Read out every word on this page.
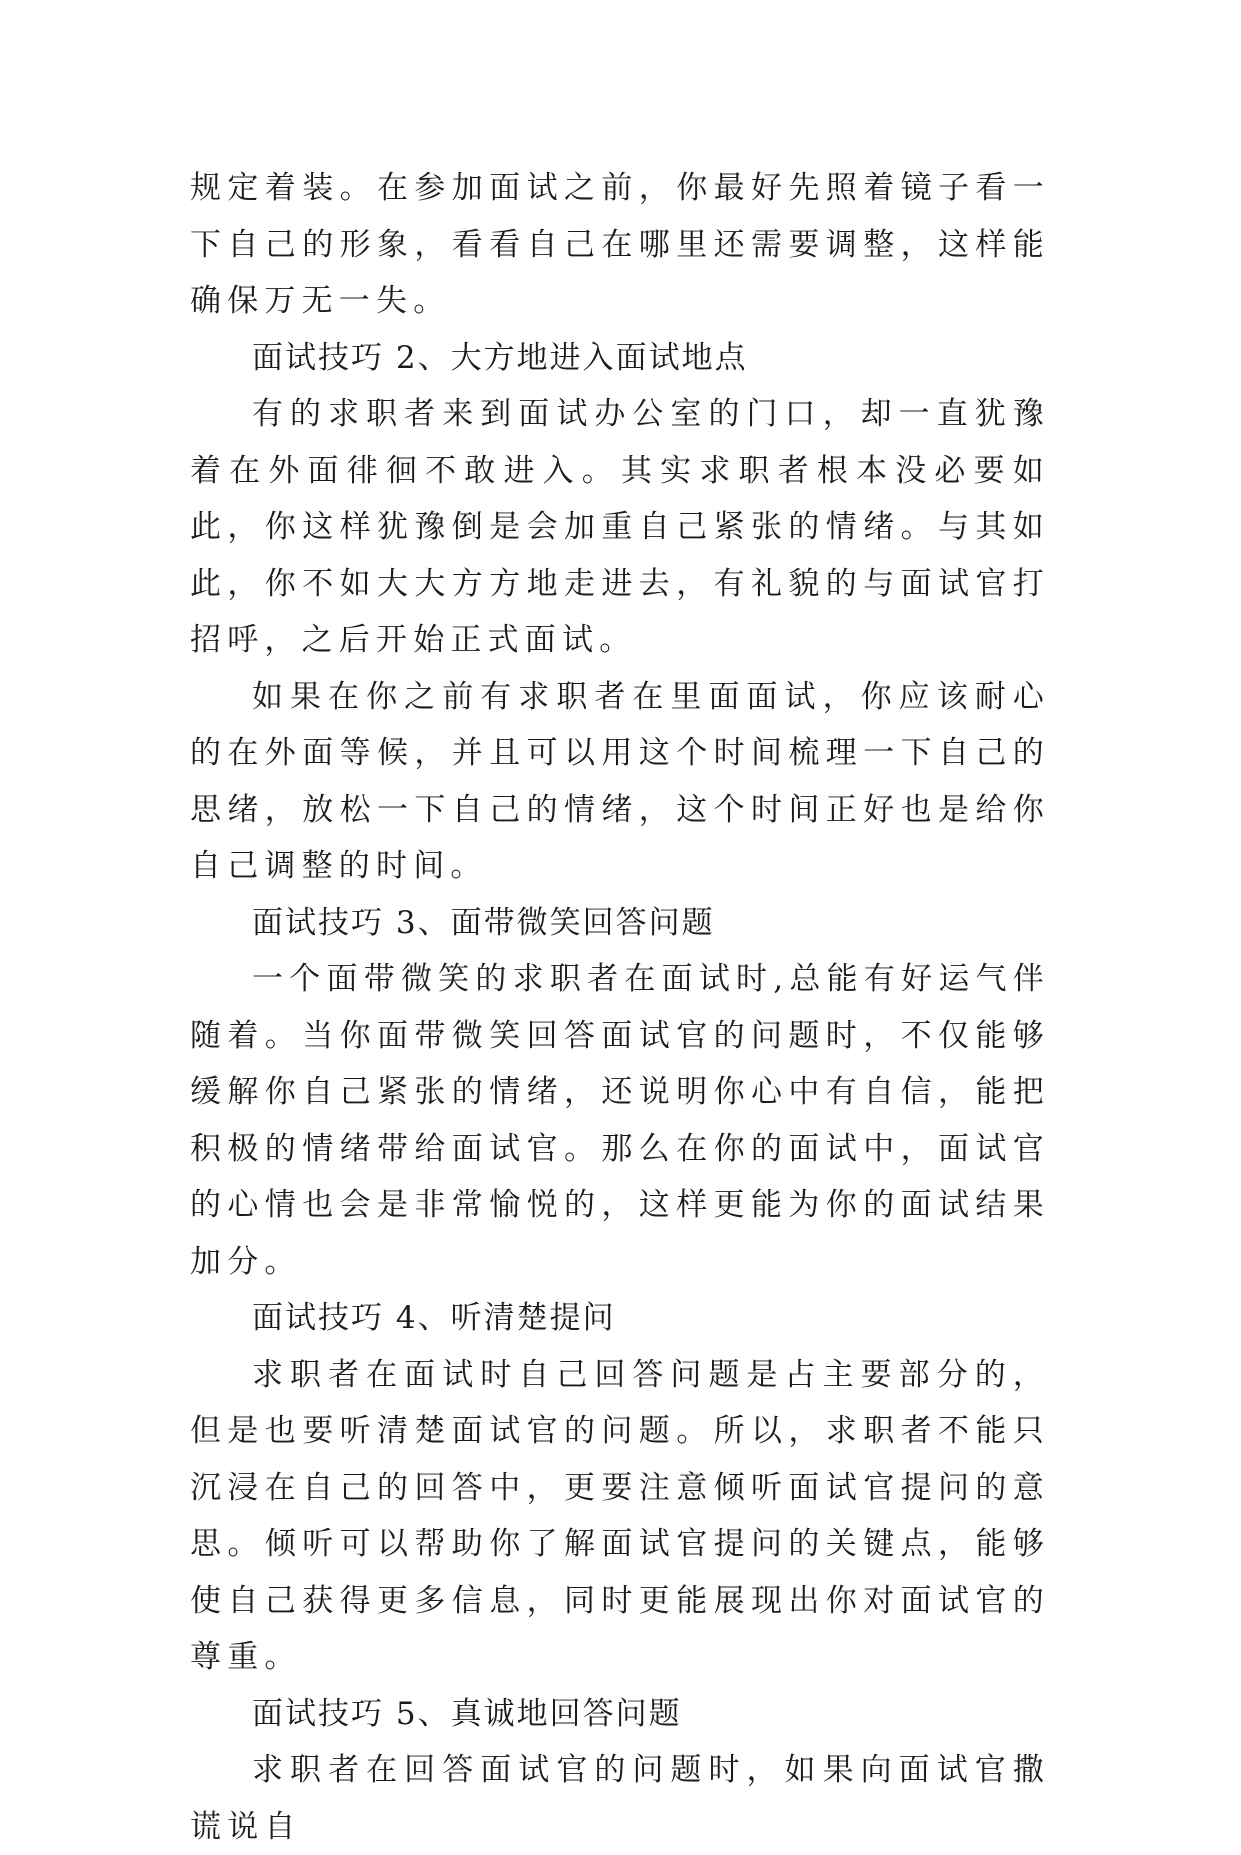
规定着装。在参加面试之前，你最好先照着镜子看一下自己的形象，看看自己在哪里还需要调整，这样能确保万无一失。

面试技巧 2、大方地进入面试地点

有的求职者来到面试办公室的门口，却一直犹豫着在外面徘徊不敢进入。其实求职者根本没必要如此，你这样犹豫倒是会加重自己紧张的情绪。与其如此，你不如大大方方地走进去，有礼貌的与面试官打招呼，之后开始正式面试。

如果在你之前有求职者在里面面试，你应该耐心的在外面等候，并且可以用这个时间梳理一下自己的思绪，放松一下自己的情绪，这个时间正好也是给你自己调整的时间。

面试技巧 3、面带微笑回答问题

一个面带微笑的求职者在面试时,总能有好运气伴随着。当你面带微笑回答面试官的问题时，不仅能够缓解你自己紧张的情绪，还说明你心中有自信，能把积极的情绪带给面试官。那么在你的面试中，面试官的心情也会是非常愉悦的，这样更能为你的面试结果加分。

面试技巧 4、听清楚提问

求职者在面试时自己回答问题是占主要部分的，但是也要听清楚面试官的问题。所以，求职者不能只沉浸在自己的回答中，更要注意倾听面试官提问的意思。倾听可以帮助你了解面试官提问的关键点，能够使自己获得更多信息，同时更能展现出你对面试官的尊重。

面试技巧 5、真诚地回答问题

求职者在回答面试官的问题时，如果向面试官撒谎说自
